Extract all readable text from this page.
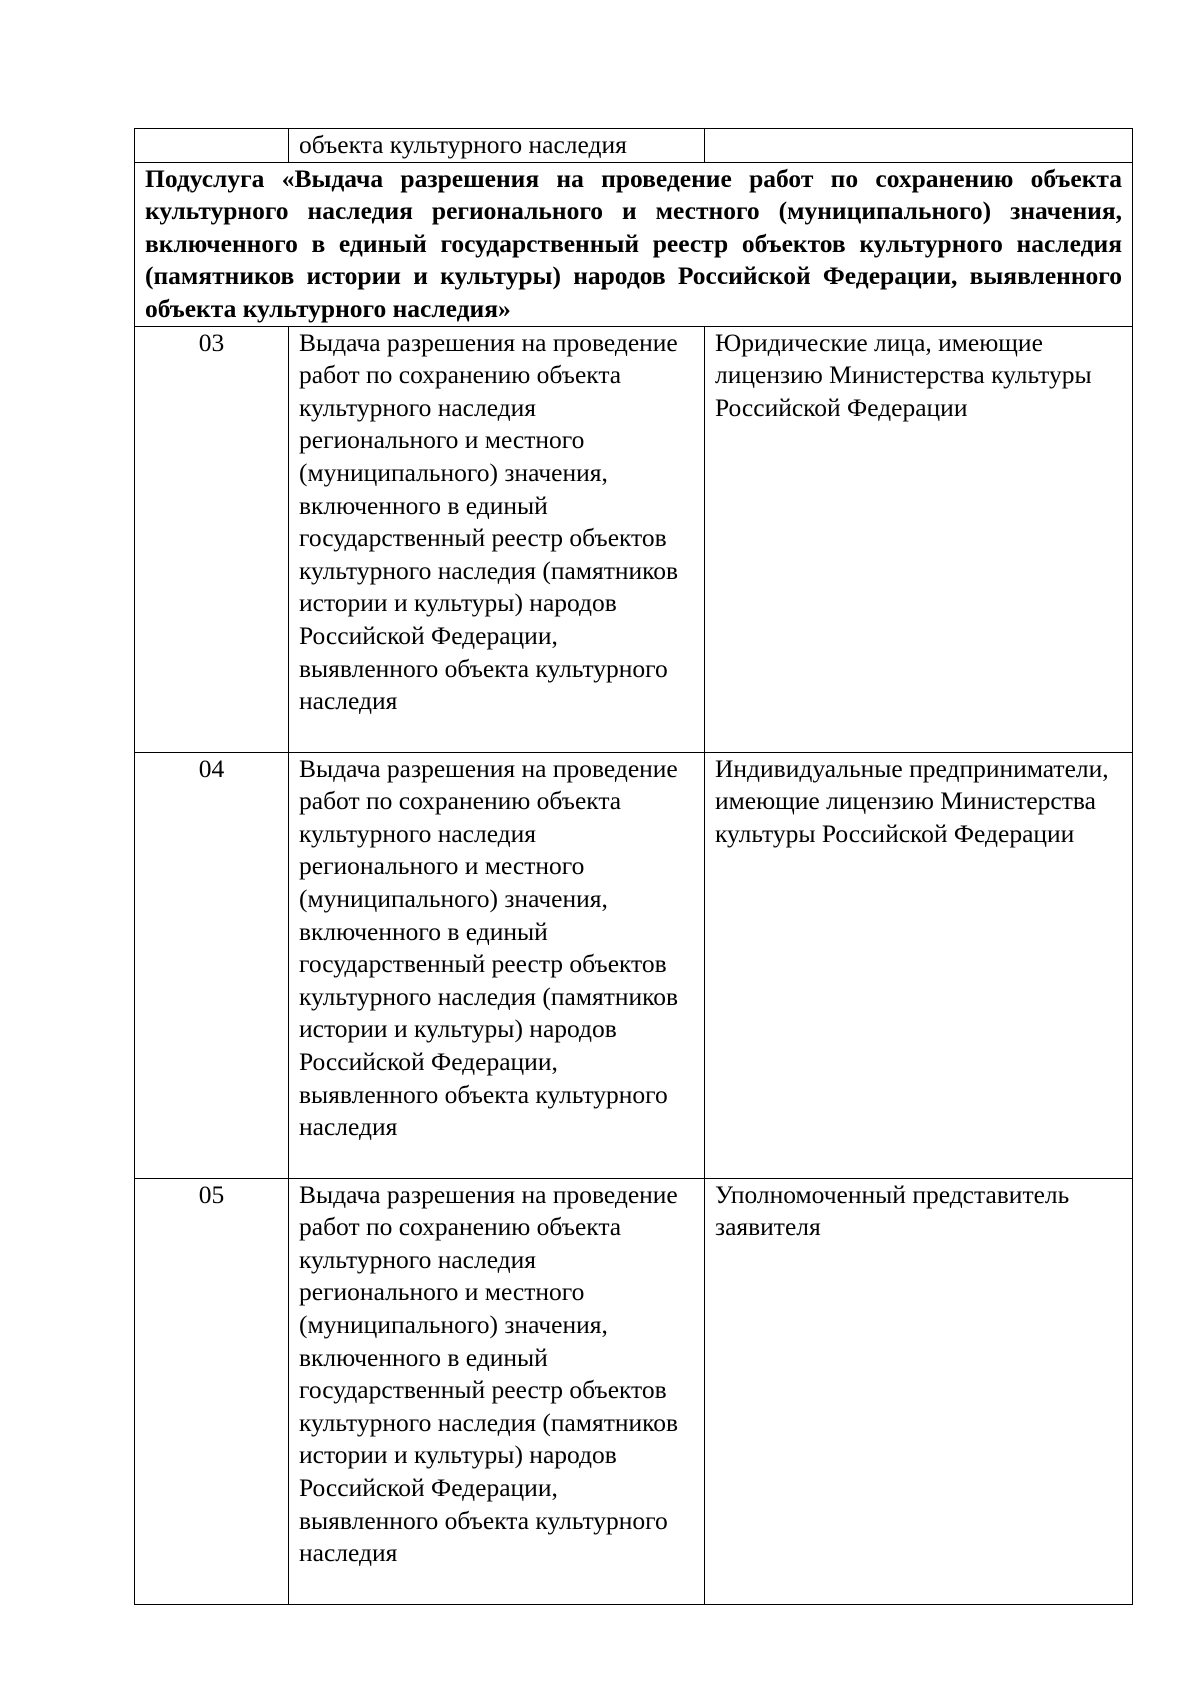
	объекта культурного наследия	
Подуслуга «Выдача разрешения на проведение работ по сохранению объекта культурного наследия регионального и местного (муниципального) значения, включенного в единый государственный реестр объектов культурного наследия (памятников истории и культуры) народов Российской Федерации, выявленного объекта культурного наследия»		
03	Выдача разрешения на проведение работ по сохранению объекта культурного наследия регионального и местного (муниципального) значения, включенного в единый государственный реестр объектов культурного наследия (памятников истории и культуры) народов Российской Федерации, выявленного объекта культурного наследия	Юридические лица, имеющие лицензию Министерства культуры Российской Федерации
04	Выдача разрешения на проведение работ по сохранению объекта культурного наследия регионального и местного (муниципального) значения, включенного в единый государственный реестр объектов культурного наследия (памятников истории и культуры) народов Российской Федерации, выявленного объекта культурного наследия	Индивидуальные предприниматели, имеющие лицензию Министерства культуры Российской Федерации
05	Выдача разрешения на проведение работ по сохранению объекта культурного наследия регионального и местного (муниципального) значения, включенного в единый государственный реестр объектов культурного наследия (памятников истории и культуры) народов Российской Федерации, выявленного объекта культурного наследия	Уполномоченный представитель заявителя
